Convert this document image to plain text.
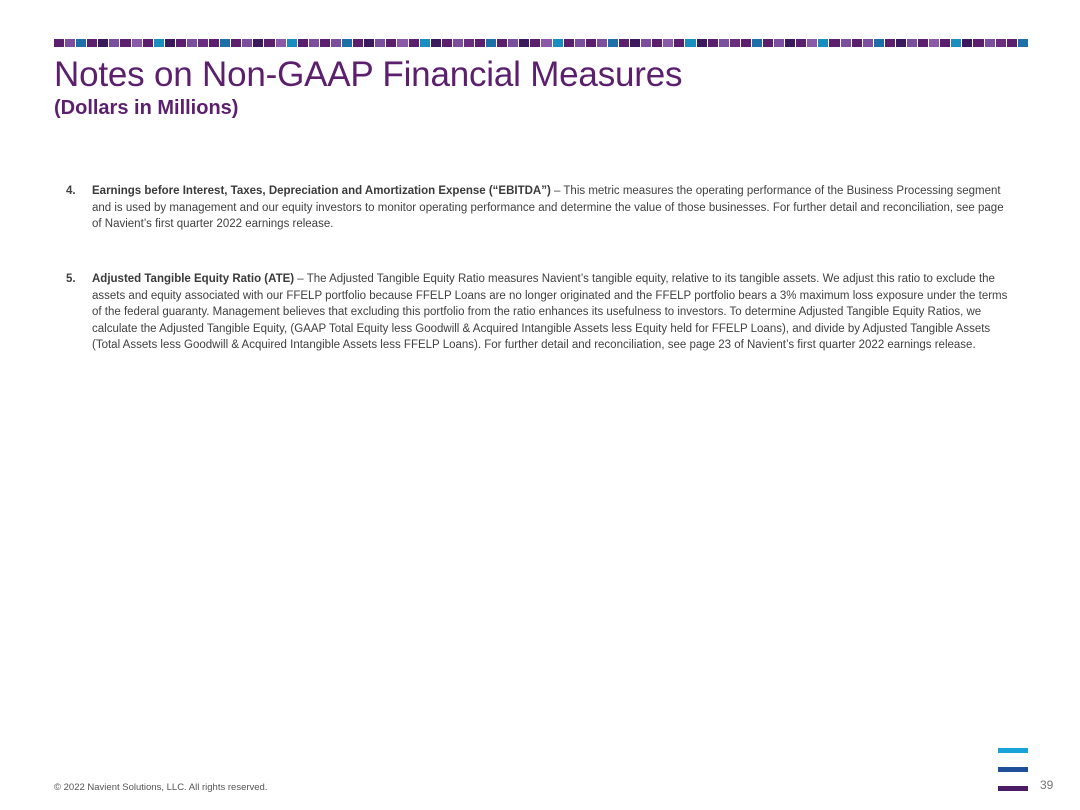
Notes on Non-GAAP Financial Measures
(Dollars in Millions)
4. Earnings before Interest, Taxes, Depreciation and Amortization Expense (“EBITDA”) – This metric measures the operating performance of the Business Processing segment and is used by management and our equity investors to monitor operating performance and determine the value of those businesses. For further detail and reconciliation, see page of Navient’s first quarter 2022 earnings release.
5. Adjusted Tangible Equity Ratio (ATE) – The Adjusted Tangible Equity Ratio measures Navient’s tangible equity, relative to its tangible assets. We adjust this ratio to exclude the assets and equity associated with our FFELP portfolio because FFELP Loans are no longer originated and the FFELP portfolio bears a 3% maximum loss exposure under the terms of the federal guaranty. Management believes that excluding this portfolio from the ratio enhances its usefulness to investors. To determine Adjusted Tangible Equity Ratios, we calculate the Adjusted Tangible Equity, (GAAP Total Equity less Goodwill & Acquired Intangible Assets less Equity held for FFELP Loans), and divide by Adjusted Tangible Assets (Total Assets less Goodwill & Acquired Intangible Assets less FFELP Loans). For further detail and reconciliation, see page 23 of Navient’s first quarter 2022 earnings release.
© 2022 Navient Solutions, LLC. All rights reserved.	39
